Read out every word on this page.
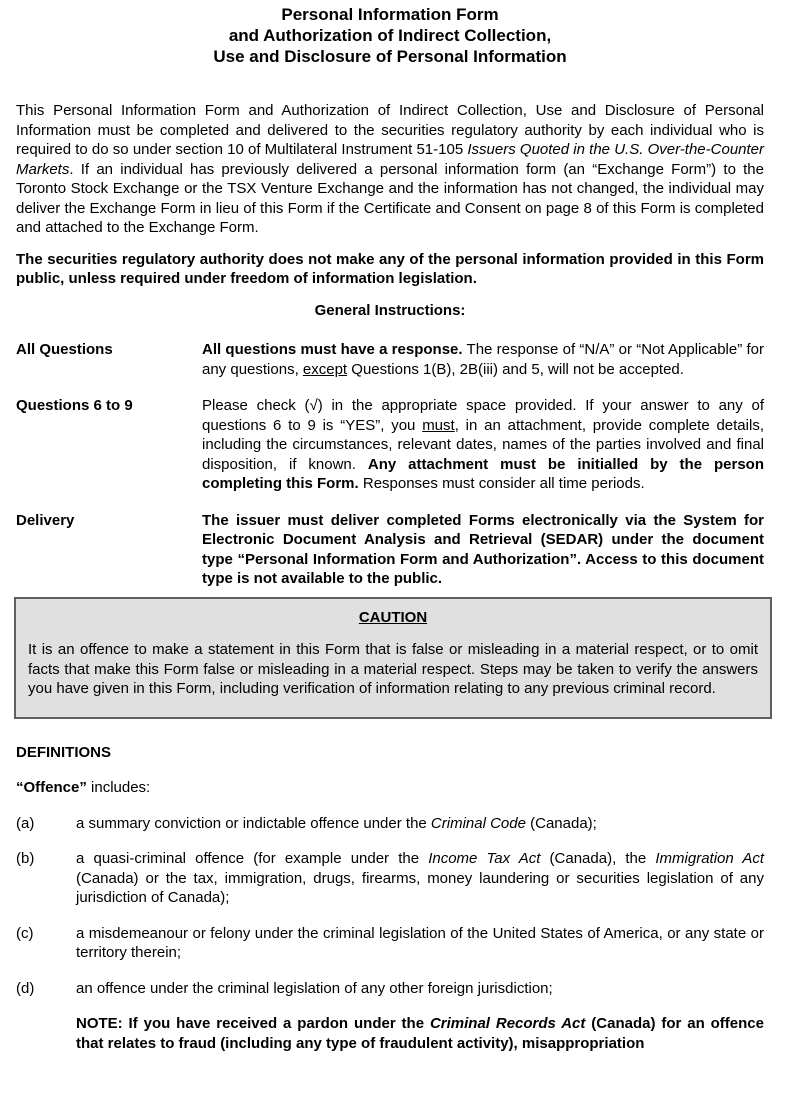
Personal Information Form
and Authorization of Indirect Collection,
Use and Disclosure of Personal Information

This Personal Information Form and Authorization of Indirect Collection, Use and Disclosure of Personal Information must be completed and delivered to the securities regulatory authority by each individual who is required to do so under section 10 of Multilateral Instrument 51-105 Issuers Quoted in the U.S. Over-the-Counter Markets. If an individual has previously delivered a personal information form (an “Exchange Form”) to the Toronto Stock Exchange or the TSX Venture Exchange and the information has not changed, the individual may deliver the Exchange Form in lieu of this Form if the Certificate and Consent on page 8 of this Form is completed and attached to the Exchange Form.

The securities regulatory authority does not make any of the personal information provided in this Form public, unless required under freedom of information legislation.

General Instructions:
All Questions	All questions must have a response. The response of “N/A” or “Not Applicable” for any questions, except Questions 1(B), 2B(iii) and 5, will not be accepted.
Questions 6 to 9	Please check (√) in the appropriate space provided. If your answer to any of questions 6 to 9 is “YES”, you must, in an attachment, provide complete details, including the circumstances, relevant dates, names of the parties involved and final disposition, if known. Any attachment must be initialled by the person completing this Form. Responses must consider all time periods.
Delivery	The issuer must deliver completed Forms electronically via the System for Electronic Document Analysis and Retrieval (SEDAR) under the document type “Personal Information Form and Authorization”. Access to this document type is not available to the public.
CAUTION

It is an offence to make a statement in this Form that is false or misleading in a material respect, or to omit facts that make this Form false or misleading in a material respect. Steps may be taken to verify the answers you have given in this Form, including verification of information relating to any previous criminal record.

DEFINITIONS

“Offence” includes:

(a)	a summary conviction or indictable offence under the Criminal Code (Canada);
(b)	a quasi-criminal offence (for example under the Income Tax Act (Canada), the Immigration Act (Canada) or the tax, immigration, drugs, firearms, money laundering or securities legislation of any jurisdiction of Canada);
(c)	a misdemeanour or felony under the criminal legislation of the United States of America, or any state or territory therein;
(d)	an offence under the criminal legislation of any other foreign jurisdiction;

NOTE: If you have received a pardon under the Criminal Records Act (Canada) for an offence that relates to fraud (including any type of fraudulent activity), misappropriation
